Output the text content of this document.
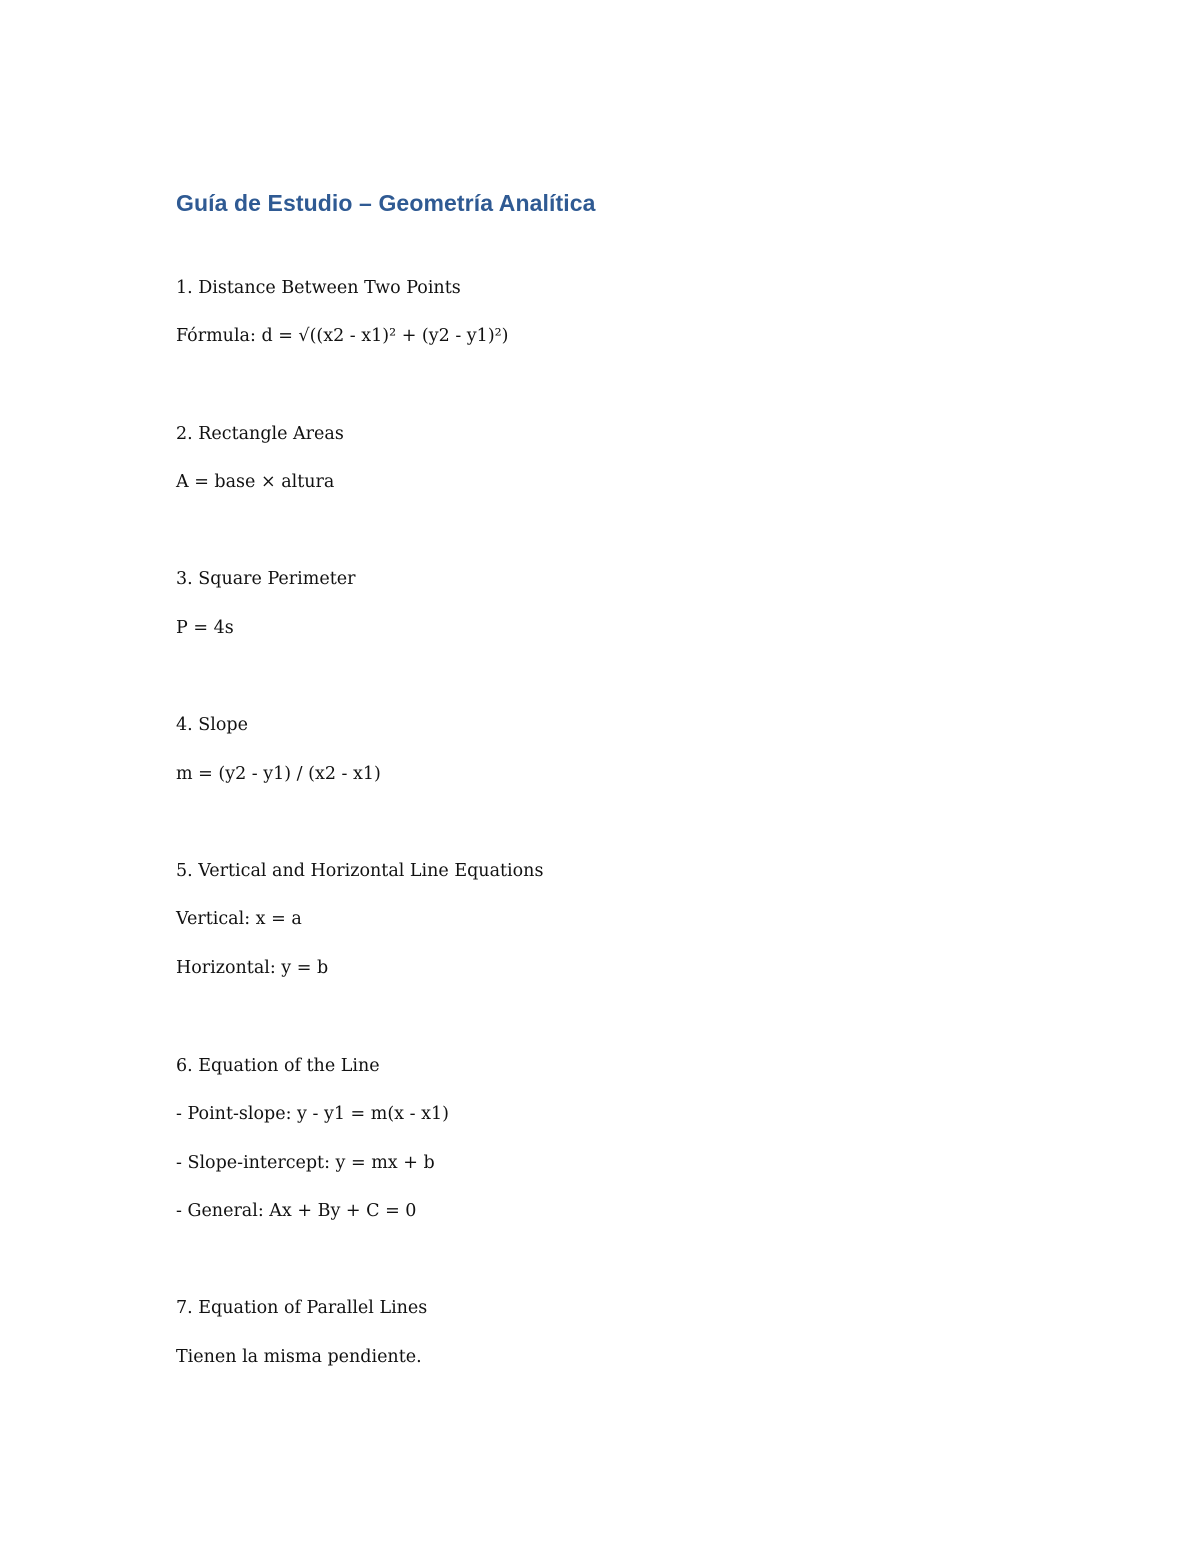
Guía de Estudio – Geometría Analítica

1. Distance Between Two Points

Fórmula: d = √((x2 - x1)² + (y2 - y1)²)

2. Rectangle Areas

A = base × altura

3. Square Perimeter

P = 4s

4. Slope

m = (y2 - y1) / (x2 - x1)

5. Vertical and Horizontal Line Equations

Vertical: x = a

Horizontal: y = b

6. Equation of the Line

- Point-slope: y - y1 = m(x - x1)

- Slope-intercept: y = mx + b

- General: Ax + By + C = 0

7. Equation of Parallel Lines

Tienen la misma pendiente.
